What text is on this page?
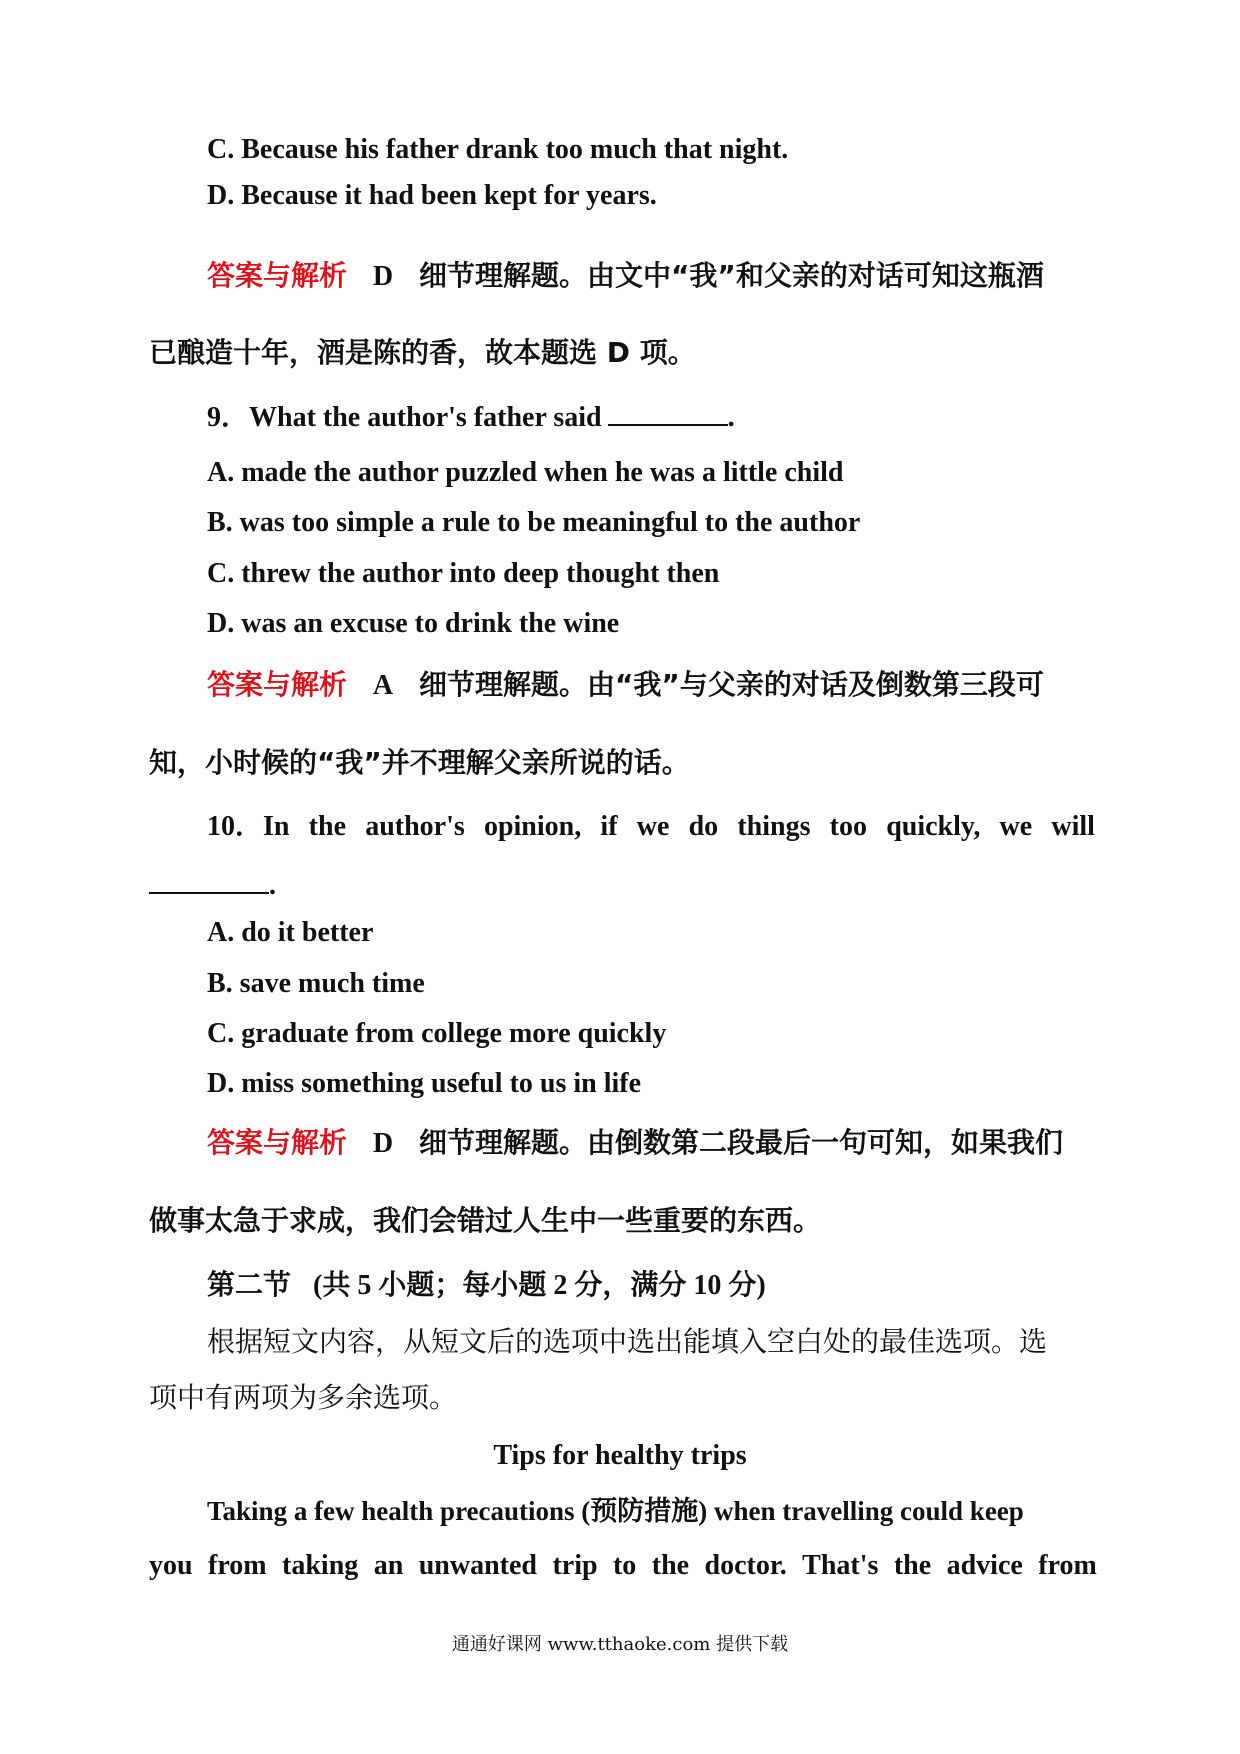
C. Because his father drank too much that night.
D. Because it had been kept for years.
答案与解析 D 细节理解题。由文中“我”和父亲的对话可知这瓶酒
已酿造十年，酒是陈的香，故本题选 D 项。
9．What the author's father said	.
A. made the author puzzled when he was a little child
B. was too simple a rule to be meaningful to the author
C. threw the author into deep thought then
D. was an excuse to drink the wine
答案与解析 A 细节理解题。由“我”与父亲的对话及倒数第三段可
知，小时候的“我”并不理解父亲所说的话。
10．In the author's opinion, if we do things too quickly, we will
.
A. do it better
B. save much time
C. graduate from college more quickly
D. miss something useful to us in life
答案与解析 D 细节理解题。由倒数第二段最后一句可知，如果我们
做事太急于求成，我们会错过人生中一些重要的东西。
第二节 (共 5 小题；每小题 2 分，满分 10 分)
根据短文内容，从短文后的选项中选出能填入空白处的最佳选项。选
项中有两项为多余选项。
Tips for healthy trips
Taking a few health precautions (预防措施) when travelling could keep
you from taking an unwanted trip to the doctor. That's the advice from
通通好课网 www.tthaoke.com 提供下载
